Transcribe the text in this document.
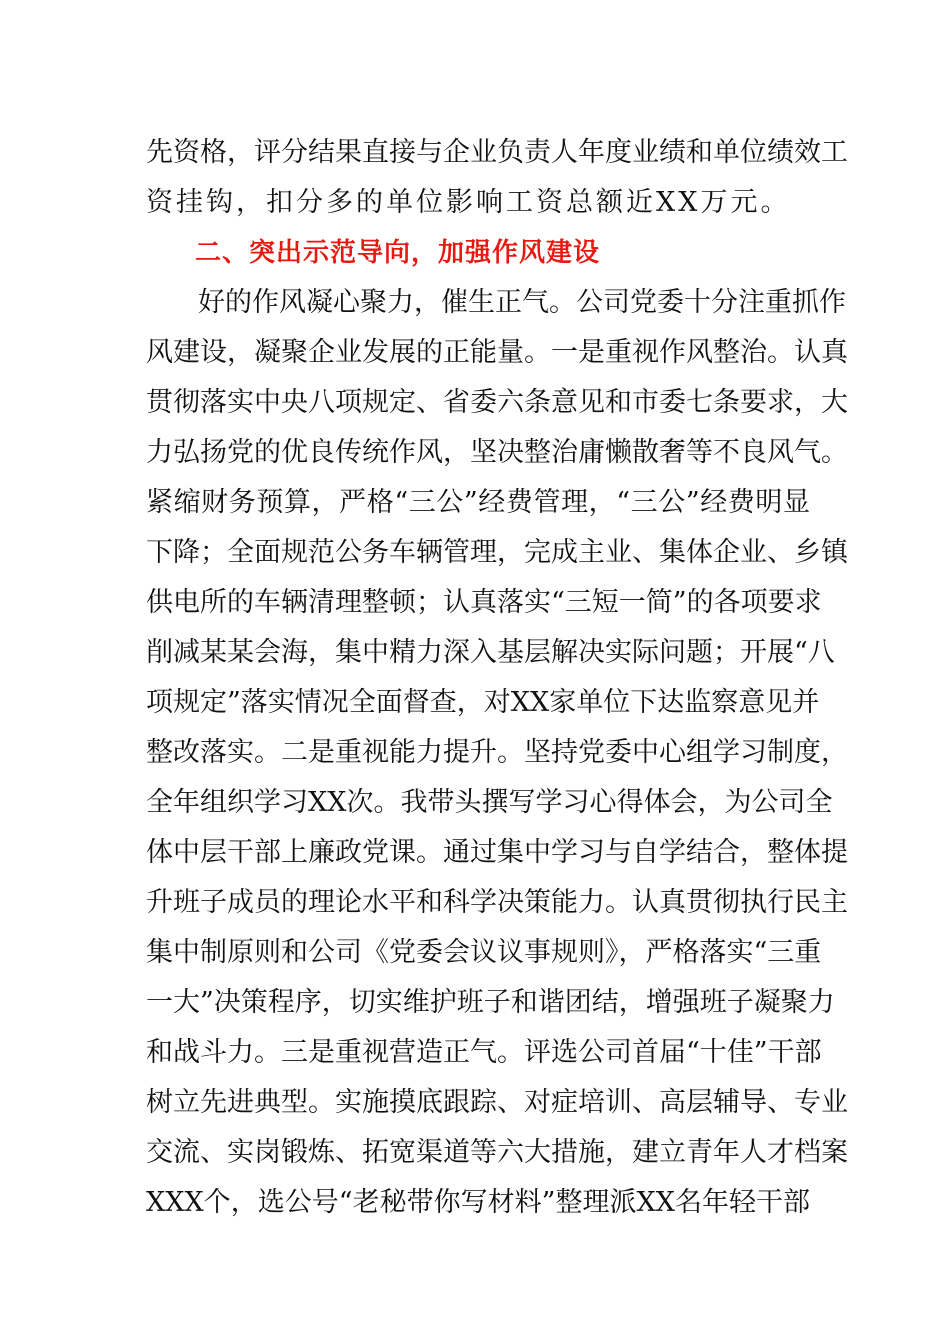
先资格，评分结果直接与企业负责人年度业绩和单位绩效工
资挂钩，扣分多的单位影响工资总额近XX万元。
二、突出示范导向，加强作风建设
好的作风凝心聚力，催生正气。公司党委十分注重抓作
风建设，凝聚企业发展的正能量。一是重视作风整治。认真
贯彻落实中央八项规定、省委六条意见和市委七条要求，大
力弘扬党的优良传统作风，坚决整治庸懒散奢等不良风气。
紧缩财务预算，严格“三公”经费管理，“三公”经费明显
下降；全面规范公务车辆管理，完成主业、集体企业、乡镇
供电所的车辆清理整顿；认真落实“三短一简”的各项要求
削减某某会海，集中精力深入基层解决实际问题；开展“八
项规定”落实情况全面督查，对XX家单位下达监察意见并
整改落实。二是重视能力提升。坚持党委中心组学习制度，
全年组织学习XX次。我带头撰写学习心得体会，为公司全
体中层干部上廉政党课。通过集中学习与自学结合，整体提
升班子成员的理论水平和科学决策能力。认真贯彻执行民主
集中制原则和公司《党委会议议事规则》，严格落实“三重
一大”决策程序，切实维护班子和谐团结，增强班子凝聚力
和战斗力。三是重视营造正气。评选公司首届“十佳”干部
树立先进典型。实施摸底跟踪、对症培训、高层辅导、专业
交流、实岗锻炼、拓宽渠道等六大措施，建立青年人才档案
XXX个，选公号“老秘带你写材料”整理派XX名年轻干部
